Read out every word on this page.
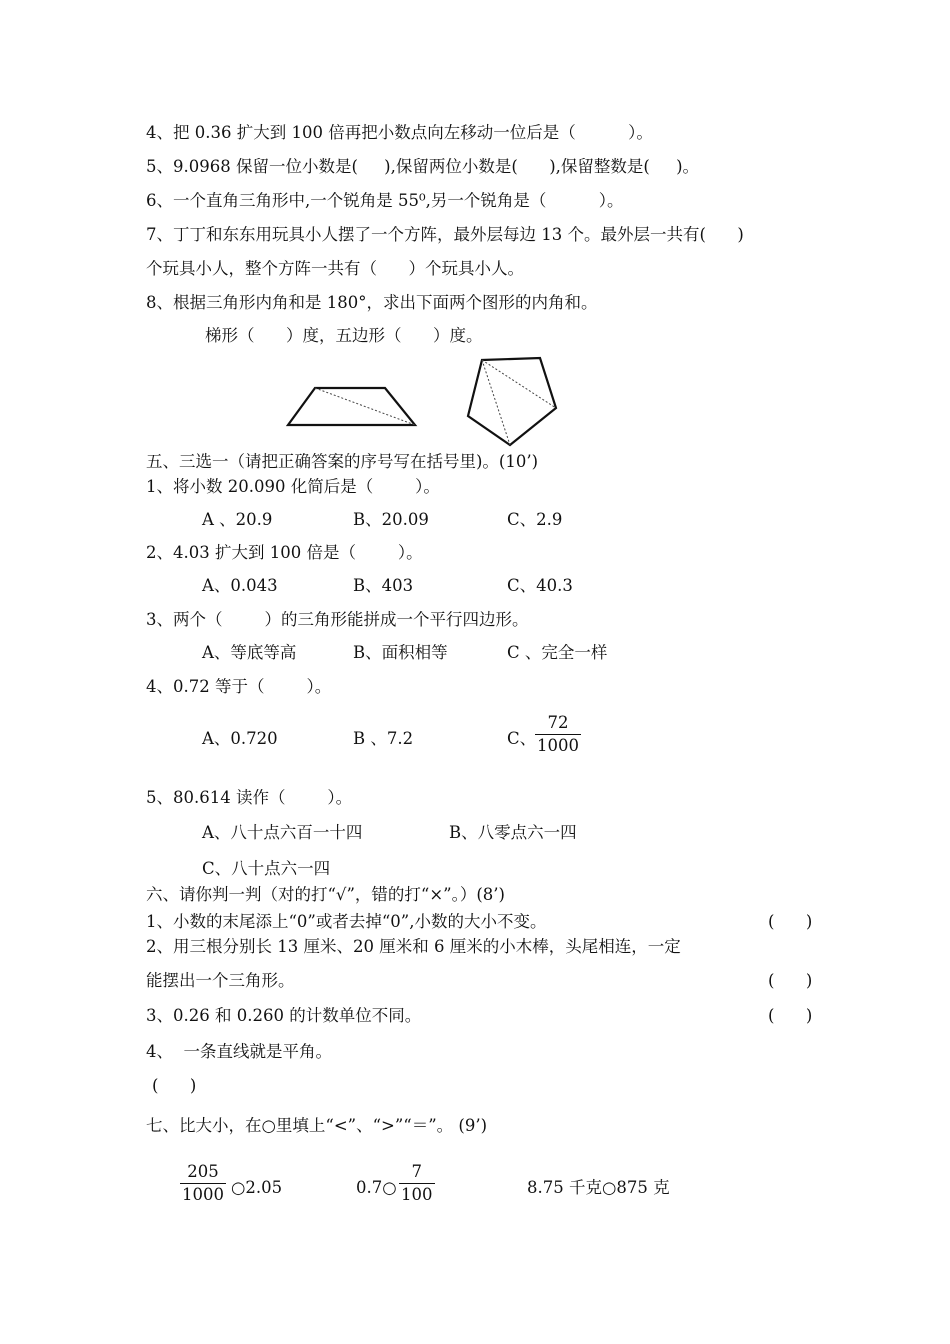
4、把 0.36 扩大到 100 倍再把小数点向左移动一位后是（          ）。
5、9.0968 保留一位小数是(     ),保留两位小数是(      ),保留整数是(     )。
6、一个直角三角形中,一个锐角是 55⁰,另一个锐角是（          ）。
7、丁丁和东东用玩具小人摆了一个方阵，最外层每边 13 个。最外层一共有(      )
个玩具小人，整个方阵一共有（      ）个玩具小人。
8、根据三角形内角和是 180°，求出下面两个图形的内角和。
梯形（      ）度，五边形（      ）度。
五、三选一（请把正确答案的序号写在括号里)。(10’)
1、将小数 20.090 化简后是（        ）。
A 、20.9	B、20.09	C、2.9
2、4.03 扩大到 100 倍是（        ）。
A、0.043	B、403	C、40.3
3、两个（        ）的三角形能拼成一个平行四边形。
A、等底等高	B、面积相等	C 、完全一样
4、0.72 等于（        ）。
A、0.720	B 、7.2	C、
72
1000
5、80.614 读作（        ）。
A、八十点六百一十四	B、八零点六一四
C、八十点六一四
六、请你判一判（对的打“√”，错的打“×”。）(8’)
1、小数的末尾添上“0”或者去掉“0”,小数的大小不变。	(      )
2、用三根分别长 13 厘米、20 厘米和 6 厘米的小木棒，头尾相连，一定
能摆出一个三角形。	(      )
3、0.26 和 0.260 的计数单位不同。	(      )
4、  一条直线就是平角。
(      )
七、比大小，在○里填上“<”、“>”“＝”。 (9’)
205
1000 ○2.05	0.7○
7
100	8.75 千克○875 克
